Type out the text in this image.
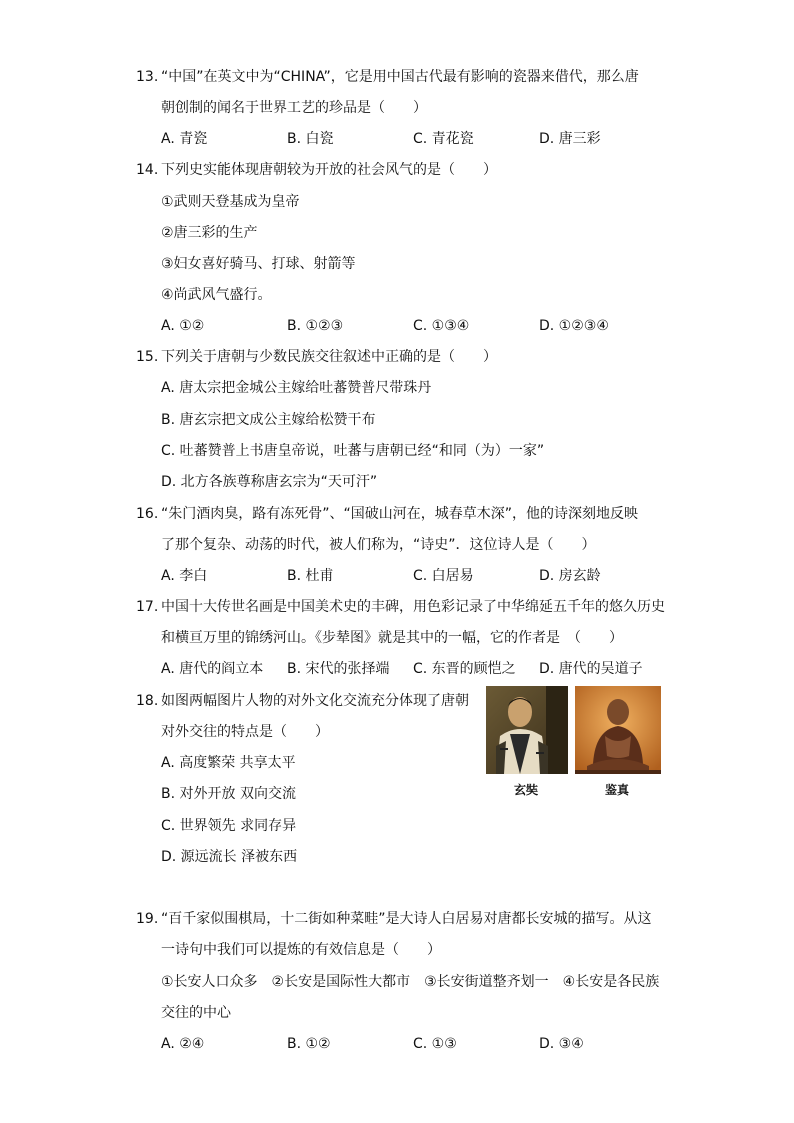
13. “中国”在英文中为“CHINA”，它是用中国古代最有影响的瓷器来借代，那么唐
朝创制的闻名于世界工艺的珍品是（　　）
A. 青瓷	B. 白瓷	C. 青花瓷	D. 唐三彩
14. 下列史实能体现唐朝较为开放的社会风气的是（　　）
①武则天登基成为皇帝
②唐三彩的生产
③妇女喜好骑马、打球、射箭等
④尚武风气盛行。
A. ①②	B. ①②③	C. ①③④	D. ①②③④
15. 下列关于唐朝与少数民族交往叙述中正确的是（　　）
A. 唐太宗把金城公主嫁给吐蕃赞普尺带珠丹
B. 唐玄宗把文成公主嫁给松赞干布
C. 吐蕃赞普上书唐皇帝说，吐蕃与唐朝已经“和同（为）一家”
D. 北方各族尊称唐玄宗为“天可汗”
16. “朱门酒肉臭，路有冻死骨”、“国破山河在，城春草木深”，他的诗深刻地反映
了那个复杂、动荡的时代，被人们称为，“诗史”．这位诗人是（　　）
A. 李白	B. 杜甫	C. 白居易	D. 房玄龄
17. 中国十大传世名画是中国美术史的丰碑，用色彩记录了中华绵延五千年的悠久历史
和横亘万里的锦绣河山。《步辇图》就是其中的一幅，它的作者是　（　　）
A. 唐代的阎立本 B. 宋代的张择端 C. 东晋的顾恺之 D. 唐代的吴道子
18. 如图两幅图片人物的对外文化交流充分体现了唐朝
对外交往的特点是（　　）
A. 高度繁荣 共享太平
B. 对外开放 双向交流
C. 世界领先 求同存异
D. 源远流长 泽被东西
玄奘	鉴真
19. “百千家似围棋局，十二街如种菜畦”是大诗人白居易对唐都长安城的描写。从这
一诗句中我们可以提炼的有效信息是（　　）
①长安人口众多　②长安是国际性大都市　③长安街道整齐划一　④长安是各民族
交往的中心
A. ②④	B. ①②	C. ①③	D. ③④
